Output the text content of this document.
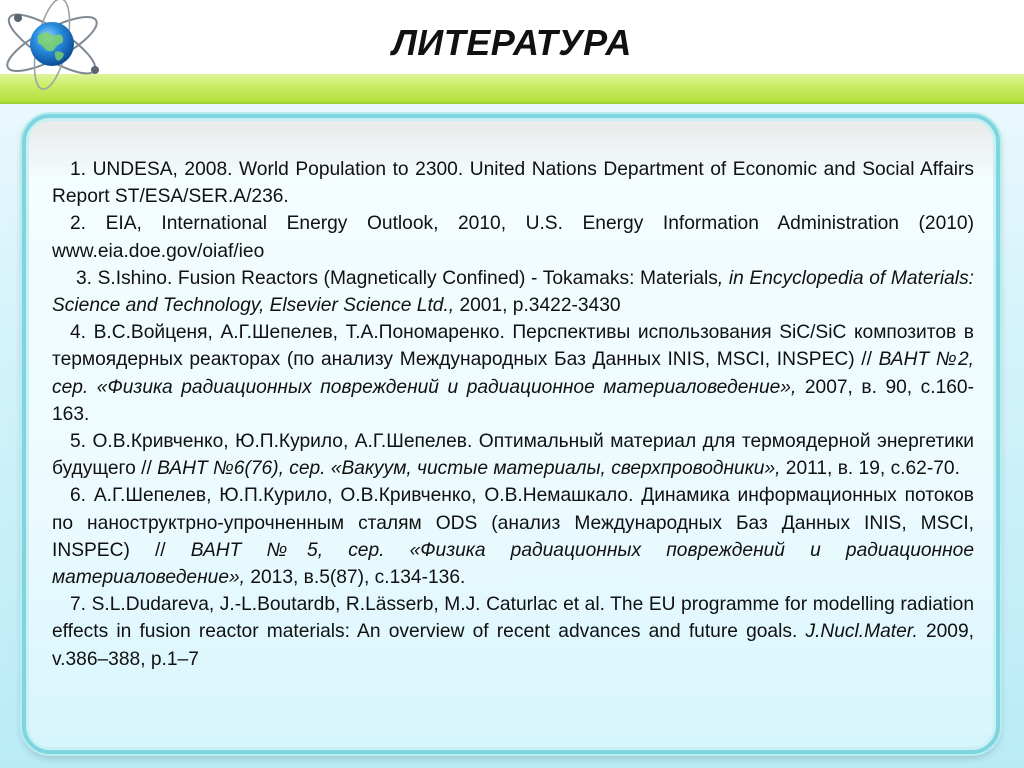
ЛИТЕРАТУРА

1. UNDESA, 2008. World Population to 2300. United Nations Department of Economic and Social Affairs Report ST/ESA/SER.A/236.

2. EIA, International Energy Outlook, 2010, U.S. Energy Information Administration (2010) www.eia.doe.gov/oiaf/ieo

3. S.Ishino. Fusion Reactors (Magnetically Confined) - Tokamaks: Materials, in Encyclopedia of Materials: Science and Technology, Elsevier Science Ltd., 2001, p.3422-3430

4. В.С.Войценя, А.Г.Шепелев, Т.А.Пономаренко. Перспективы использования SiC/SiC композитов в термоядерных реакторах (по анализу Международных Баз Данных INIS, MSCI, INSPEC) // ВАНТ №2, сер. «Физика радиационных повреждений и радиационное материаловедение», 2007, в. 90, с.160-163.

5. О.В.Кривченко, Ю.П.Курило, А.Г.Шепелев. Оптимальный материал для термоядерной энергетики будущего // ВАНТ №6(76), сер. «Вакуум, чистые материалы, сверхпроводники», 2011, в. 19, с.62-70.

6. А.Г.Шепелев, Ю.П.Курило, О.В.Кривченко, О.В.Немашкало. Динамика информационных потоков по наноструктрно-упрочненным сталям ODS (анализ Международных Баз Данных INIS, MSCI, INSPEC) // ВАНТ №5, сер. «Физика радиационных повреждений и радиационное материаловедение», 2013, в.5(87), с.134-136.

7. S.L.Dudareva, J.-L.Boutardb, R.Lässerb, M.J. Caturlac et al. The EU programme for modelling radiation effects in fusion reactor materials: An overview of recent advances and future goals. J.Nucl.Mater. 2009, v.386–388, p.1–7
